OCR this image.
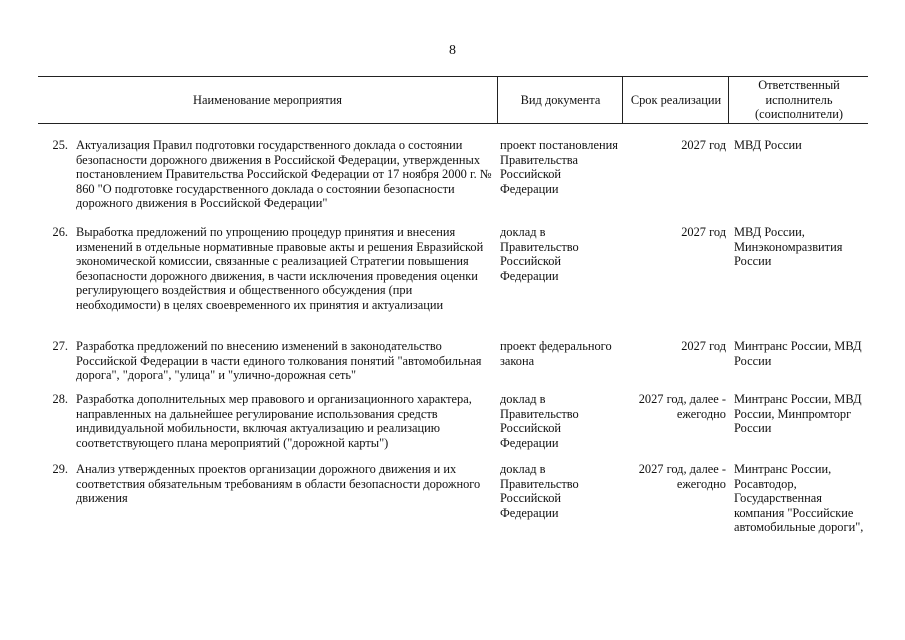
8
Наименование мероприятия	Вид документа Срок реализации
Ответственный исполнитель (соисполнители)
25. Актуализация Правил подготовки государственного доклада о состоянии безопасности дорожного движения в Российской Федерации, утвержденных постановлением Правительства Российской Федерации от 17 ноября 2000 г. № 860 "О подготовке государственного доклада о состоянии безопасности дорожного движения в Российской Федерации"
проект постановления Правительства Российской Федерации
2027 год МВД России
26. Выработка предложений по упрощению процедур принятия и внесения изменений в отдельные нормативные правовые акты и решения Евразийской экономической комиссии, связанные с реализацией Стратегии повышения безопасности дорожного движения, в части исключения проведения оценки регулирующего воздействия и общественного обсуждения (при необходимости) в целях своевременного их принятия и актуализации
доклад в Правительство Российской Федерации
2027 год МВД России, Минэкономразвития России
27. Разработка предложений по внесению изменений в законодательство Российской Федерации в части единого толкования понятий "автомобильная дорога", "дорога", "улица" и "улично-дорожная сеть"
проект федерального закона
2027 год Минтранс России, МВД России
28. Разработка дополнительных мер правового и организационного характера, направленных на дальнейшее регулирование использования средств индивидуальной мобильности, включая актуализацию и реализацию соответствующего плана мероприятий ("дорожной карты")
доклад в Правительство Российской Федерации
2027 год, далее - ежегодно
Минтранс России, МВД России, Минпромторг России
29. Анализ утвержденных проектов организации дорожного движения и их соответствия обязательным требованиям в области безопасности дорожного движения
доклад в Правительство Российской Федерации
2027 год, далее - ежегодно
Минтранс России, Росавтодор, Государственная компания "Российские автомобильные дороги",
